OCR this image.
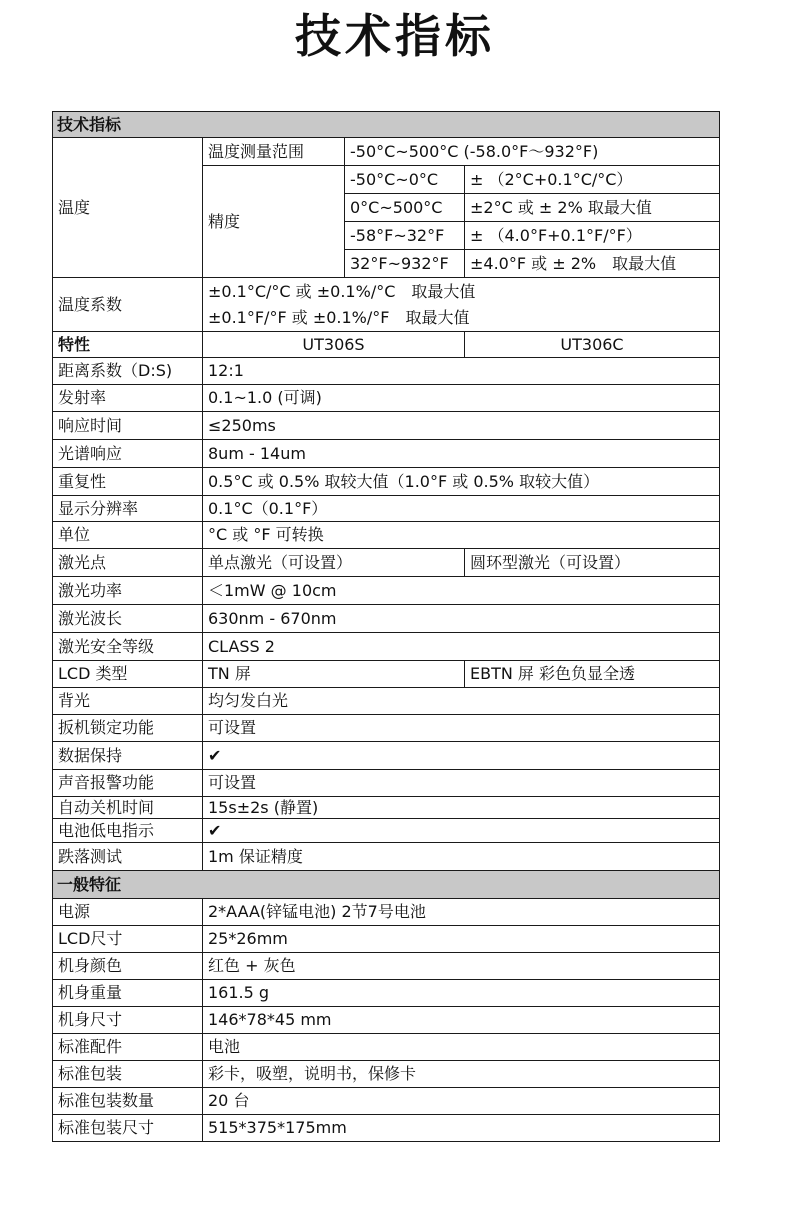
技术指标
技术指标			
温度	温度测量范围	-50°C~500°C (-58.0°F～932°F)	
	精度	-50°C~0°C	± （2°C+0.1°C/°C）
		0°C~500°C	±2°C 或 ± 2% 取最大值
		-58°F~32°F	± （4.0°F+0.1°F/°F）
		32°F~932°F	±4.0°F 或 ± 2%　取最大值
温度系数	±0.1°C/°C 或 ±0.1%/°C　取最大值
±0.1°F/°F 或 ±0.1%/°F　取最大值		

特性	UT306S		UT306C
距离系数（D:S)	12:1		
发射率	0.1~1.0 (可调)		
响应时间	≤250ms		
光谱响应	8um - 14um		
重复性	0.5°C 或 0.5% 取较大值（1.0°F 或 0.5% 取较大值）		
显示分辨率	0.1°C（0.1°F）		
单位	°C 或 °F 可转换		
激光点	单点激光（可设置）		圆环型激光（可设置）
激光功率	＜1mW @ 10cm		
激光波长	630nm - 670nm		
激光安全等级	CLASS 2		
LCD 类型	TN 屏		EBTN 屏 彩色负显全透
背光	均匀发白光		
扳机锁定功能	可设置		
数据保持	✔		
声音报警功能	可设置		
自动关机时间	15s±2s (静置)		
电池低电指示	✔		
跌落测试	1m 保证精度		
一般特征			
电源	2*AAA(锌锰电池) 2节7号电池		
LCD尺寸	25*26mm		
机身颜色	红色 + 灰色		
机身重量	161.5 g		
机身尺寸	146*78*45 mm		
标准配件	电池		
标准包装	彩卡，吸塑，说明书，保修卡		
标准包装数量	20 台		
标准包装尺寸	515*375*175mm		
